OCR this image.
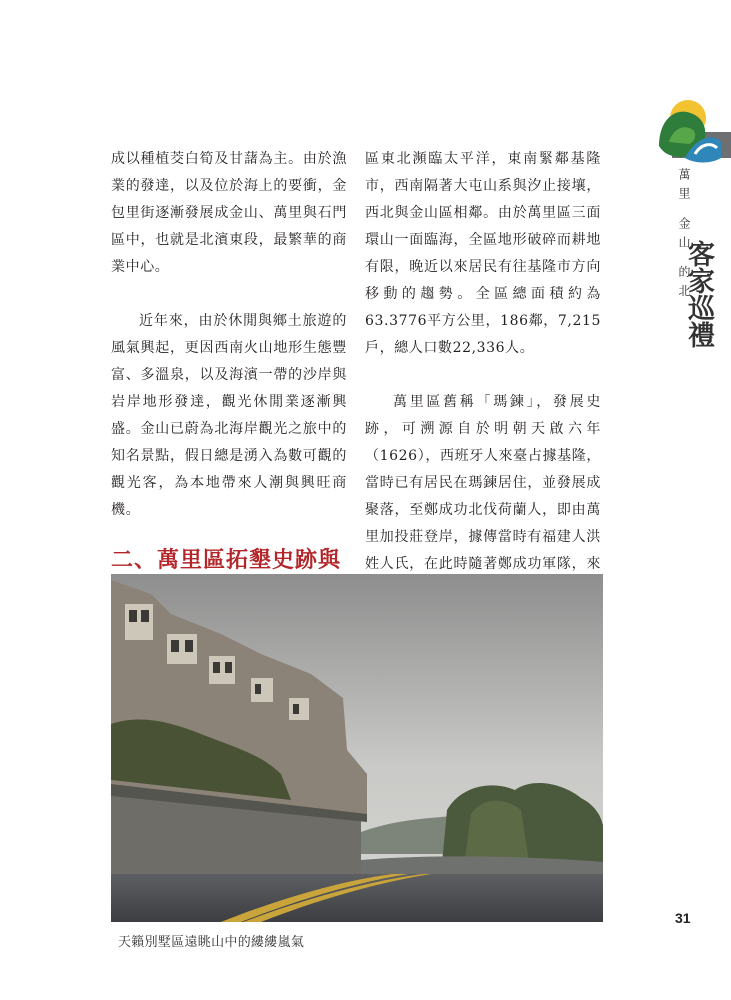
萬里 金山 的北
客家巡禮

成以種植茭白筍及甘藷為主。由於漁業的發達，以及位於海上的要衝，金包里街逐漸發展成金山、萬里與石門區中，也就是北濱東段，最繁華的商業中心。

近年來，由於休閒與鄉土旅遊的風氣興起，更因西南火山地形生態豐富、多溫泉，以及海濱一帶的沙岸與岩岸地形發達，觀光休閒業逐漸興盛。金山已蔚為北海岸觀光之旅中的知名景點，假日總是湧入為數可觀的觀光客，為本地帶來人潮與興旺商機。

二、萬里區拓墾史跡與

區東北瀕臨太平洋，東南緊鄰基隆市，西南隔著大屯山系與汐止接壤，西北與金山區相鄰。由於萬里區三面環山一面臨海，全區地形破碎而耕地有限，晚近以來居民有往基隆市方向移動的趨勢。全區總面積約為63.3776平方公里，186鄰，7,215戶，總人口數22,336人。

萬里區舊稱「瑪鍊」，發展史跡，可溯源自於明朝天啟六年（1626），西班牙人來臺占據基隆，當時已有居民在瑪鍊居住，並發展成聚落，至鄭成功北伐荷蘭人，即由萬里加投莊登岸，據傳當時有福建人洪姓人氏，在此時隨著鄭成功軍隊，來

天籟別墅區遠眺山中的縷縷嵐氣

31
